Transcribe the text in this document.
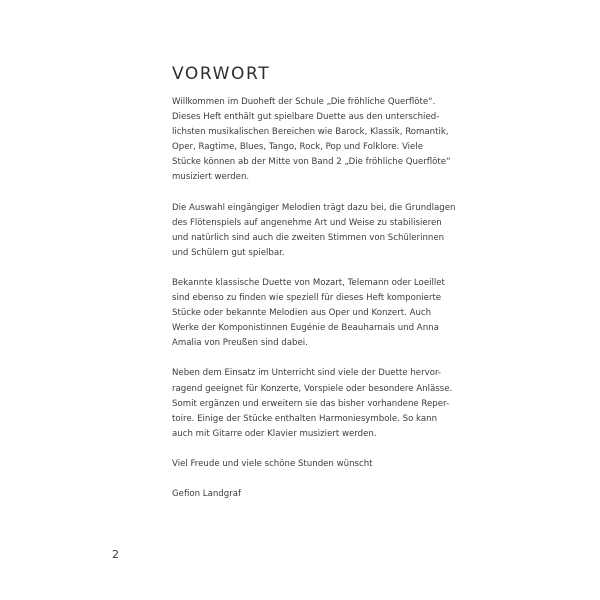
VORWORT

Willkommen im Duoheft der Schule „Die fröhliche Querflöte“.
Dieses Heft enthält gut spielbare Duette aus den unterschied-
lichsten musikalischen Bereichen wie Barock, Klassik, Romantik,
Oper, Ragtime, Blues, Tango, Rock, Pop und Folklore. Viele
Stücke können ab der Mitte von Band 2 „Die fröhliche Querflöte“
musiziert werden.

Die Auswahl eingängiger Melodien trägt dazu bei, die Grundlagen
des Flötenspiels auf angenehme Art und Weise zu stabilisieren
und natürlich sind auch die zweiten Stimmen von Schülerinnen
und Schülern gut spielbar.

Bekannte klassische Duette von Mozart, Telemann oder Loeillet
sind ebenso zu finden wie speziell für dieses Heft komponierte
Stücke oder bekannte Melodien aus Oper und Konzert. Auch
Werke der Komponistinnen Eugénie de Beauharnais und Anna
Amalia von Preußen sind dabei.

Neben dem Einsatz im Unterricht sind viele der Duette hervor-
ragend geeignet für Konzerte, Vorspiele oder besondere Anlässe.
Somit ergänzen und erweitern sie das bisher vorhandene Reper-
toire. Einige der Stücke enthalten Harmoniesymbole. So kann
auch mit Gitarre oder Klavier musiziert werden.

Viel Freude und viele schöne Stunden wünscht

Gefion Landgraf

2
